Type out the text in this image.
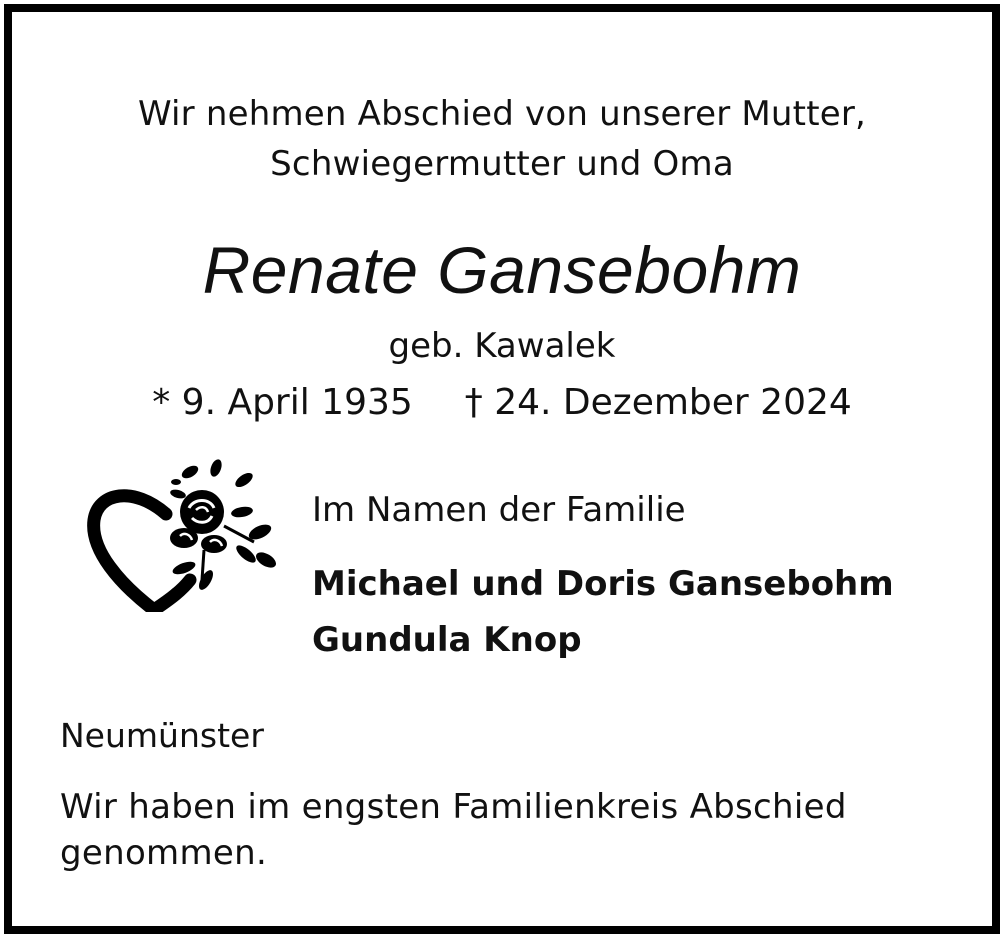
Wir nehmen Abschied von unserer Mutter,
Schwiegermutter und Oma
Renate Gansebohm
geb. Kawalek
* 9. April 1935 † 24. Dezember 2024
Im Namen der Familie
Michael und Doris Gansebohm
Gundula Knop
Neumünster
Wir haben im engsten Familienkreis Abschied genommen.
